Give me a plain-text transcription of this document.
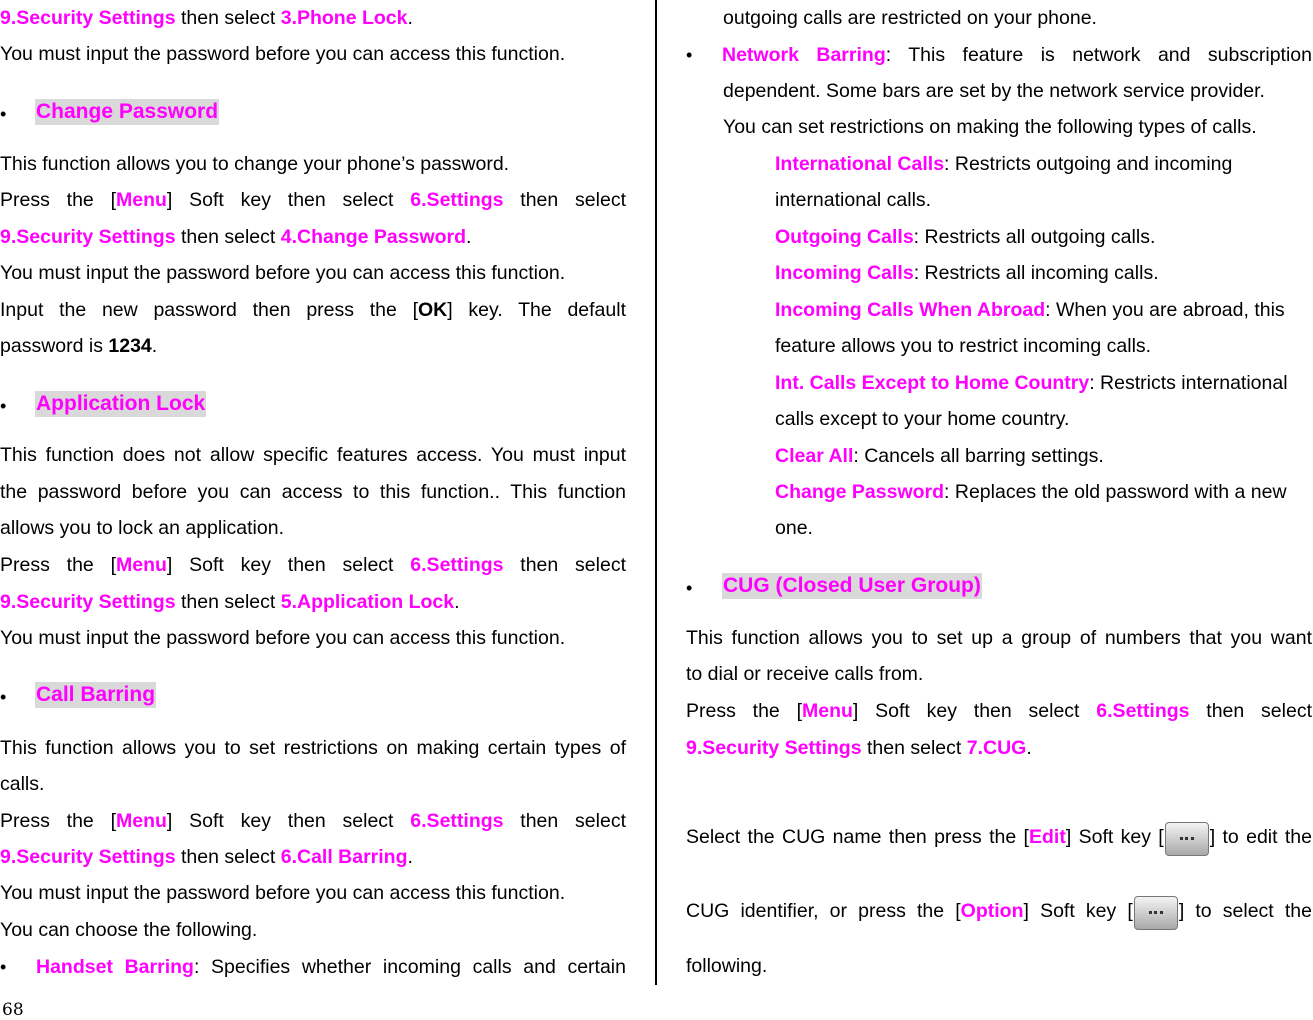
9.Security Settings then select 3.Phone Lock.
You must input the password before you can access this function.
• Change Password
This function allows you to change your phone’s password.
Press the [Menu] Soft key then select 6.Settings then select
9.Security Settings then select 4.Change Password.
You must input the password before you can access this function.
Input the new password then press the [OK] key. The default
password is 1234.
• Application Lock
This function does not allow specific features access. You must input
the password before you can access to this function.. This function
allows you to lock an application.
Press the [Menu] Soft key then select 6.Settings then select
9.Security Settings then select 5.Application Lock.
You must input the password before you can access this function.
• Call Barring
This function allows you to set restrictions on making certain types of
calls.
Press the [Menu] Soft key then select 6.Settings then select
9.Security Settings then select 6.Call Barring.
You must input the password before you can access this function.
You can choose the following.
• Handset Barring: Specifies whether incoming calls and certain
outgoing calls are restricted on your phone.
• Network Barring: This feature is network and subscription
dependent. Some bars are set by the network service provider.
You can set restrictions on making the following types of calls.
International Calls: Restricts outgoing and incoming
international calls.
Outgoing Calls: Restricts all outgoing calls.
Incoming Calls: Restricts all incoming calls.
Incoming Calls When Abroad: When you are abroad, this
feature allows you to restrict incoming calls.
Int. Calls Except to Home Country: Restricts international
calls except to your home country.
Clear All: Cancels all barring settings.
Change Password: Replaces the old password with a new
one.
• CUG (Closed User Group)
This function allows you to set up a group of numbers that you want
to dial or receive calls from.
Press the [Menu] Soft key then select 6.Settings then select
9.Security Settings then select 7.CUG.
Select the CUG name then press the [Edit] Soft key [ ] to edit the
CUG identifier, or press the [Option] Soft key [ ] to select the
following.
68
